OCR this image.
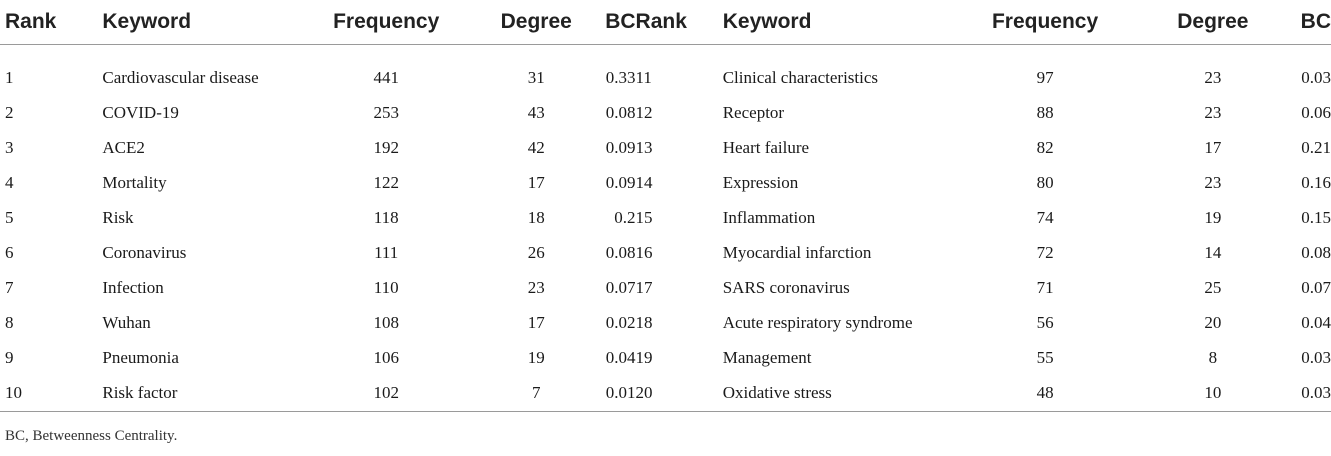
Rank	Keyword	Frequency	Degree	BC	Rank	Keyword	Frequency	Degree	BC

1	Cardiovascular disease	441	31	0.33	11	Clinical characteristics	97	23	0.03
2	COVID-19	253	43	0.08	12	Receptor	88	23	0.06
3	ACE2	192	42	0.09	13	Heart failure	82	17	0.21
4	Mortality	122	17	0.09	14	Expression	80	23	0.16
5	Risk	118	18	0.2	15	Inflammation	74	19	0.15
6	Coronavirus	111	26	0.08	16	Myocardial infarction	72	14	0.08
7	Infection	110	23	0.07	17	SARS coronavirus	71	25	0.07
8	Wuhan	108	17	0.02	18	Acute respiratory syndrome	56	20	0.04
9	Pneumonia	106	19	0.04	19	Management	55	8	0.03
10	Risk factor	102	7	0.01	20	Oxidative stress	48	10	0.03
BC, Betweenness Centrality.
